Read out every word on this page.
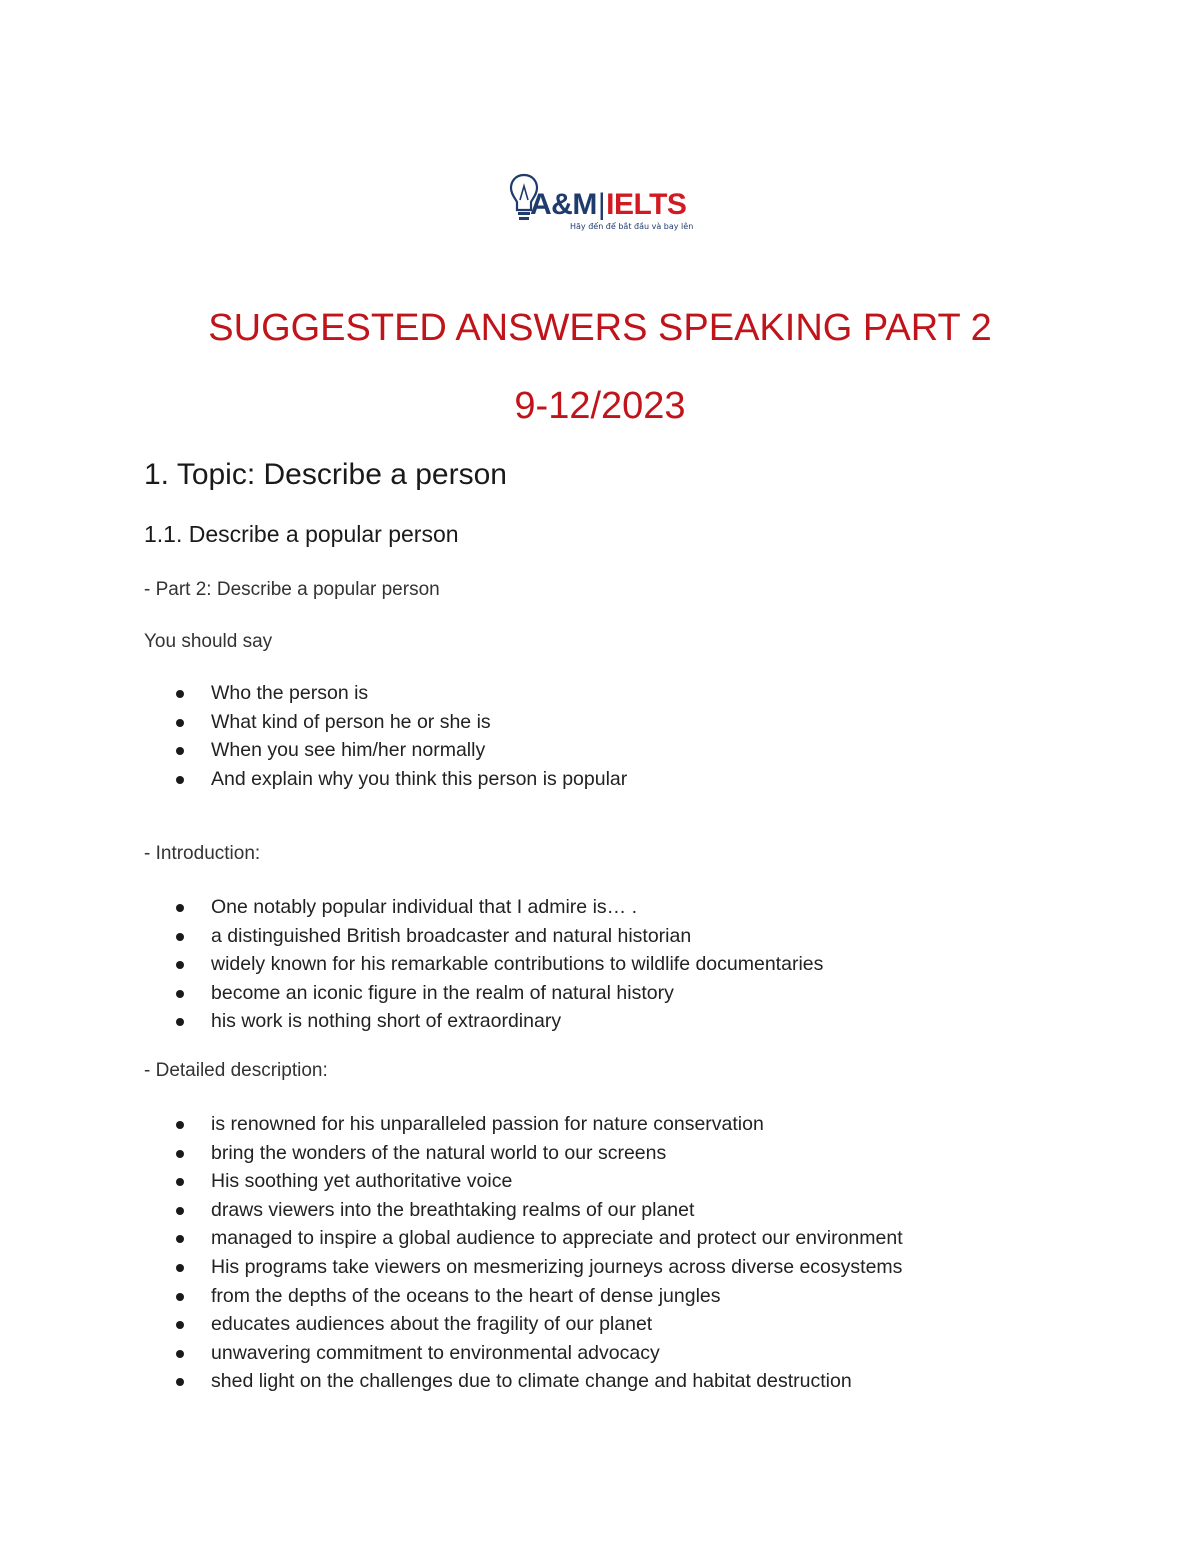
A&M|IELTS
Hãy đến để bắt đầu và bay lên
SUGGESTED ANSWERS SPEAKING PART 2
9-12/2023
1. Topic: Describe a person
1.1. Describe a popular person

- Part 2: Describe a popular person

You should say

Who the person is
What kind of person he or she is
When you see him/her normally
And explain why you think this person is popular

- Introduction:

One notably popular individual that I admire is… .
a distinguished British broadcaster and natural historian
widely known for his remarkable contributions to wildlife documentaries
become an iconic figure in the realm of natural history
his work is nothing short of extraordinary

- Detailed description:

is renowned for his unparalleled passion for nature conservation
bring the wonders of the natural world to our screens
His soothing yet authoritative voice
draws viewers into the breathtaking realms of our planet
managed to inspire a global audience to appreciate and protect our environment
His programs take viewers on mesmerizing journeys across diverse ecosystems
from the depths of the oceans to the heart of dense jungles
educates audiences about the fragility of our planet
unwavering commitment to environmental advocacy
shed light on the challenges due to climate change and habitat destruction
